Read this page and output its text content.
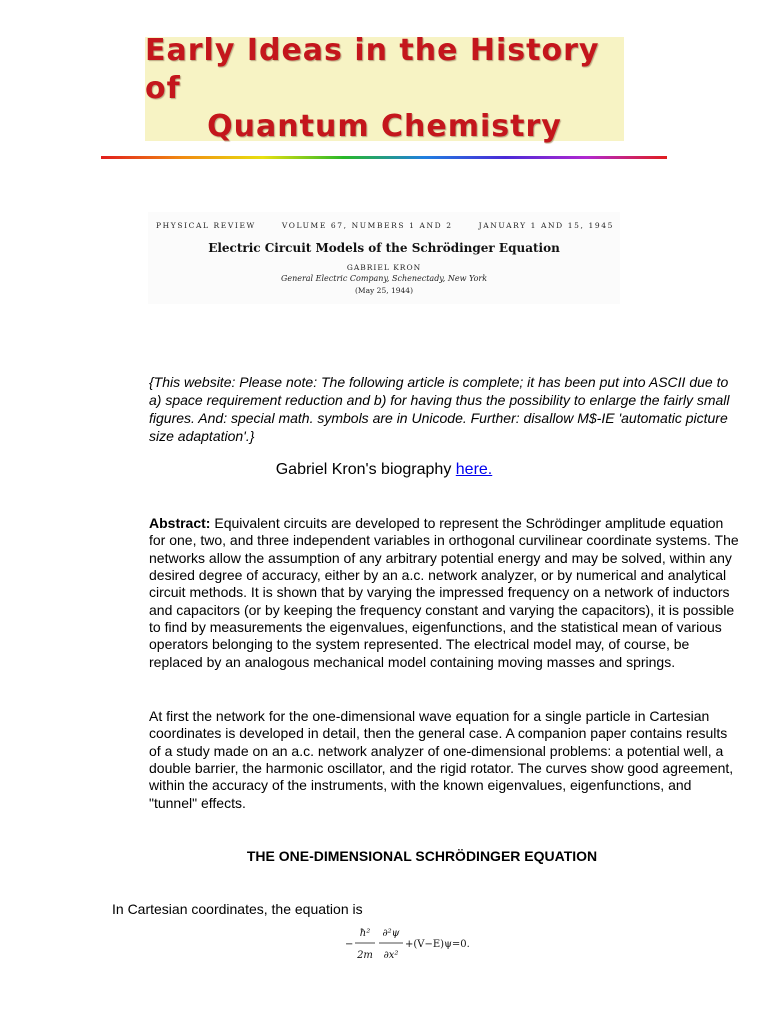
Early Ideas in the History of
Quantum Chemistry
PHYSICAL REVIEW	VOLUME 67, NUMBERS 1 AND 2	JANUARY 1 AND 15, 1945
Electric Circuit Models of the Schrödinger Equation
GABRIEL KRON
General Electric Company, Schenectady, New York
(May 25, 1944)

{This website: Please note: The following article is complete; it has been put into ASCII due to a) space requirement reduction and b) for having thus the possibility to enlarge the fairly small figures. And: special math. symbols are in Unicode. Further: disallow M$-IE 'automatic picture size adaptation'.}

Gabriel Kron's biography here.

Abstract: Equivalent circuits are developed to represent the Schrödinger amplitude equation for one, two, and three independent variables in orthogonal curvilinear coordinate systems. The networks allow the assumption of any arbitrary potential energy and may be solved, within any desired degree of accuracy, either by an a.c. network analyzer, or by numerical and analytical circuit methods. It is shown that by varying the impressed frequency on a network of inductors and capacitors (or by keeping the frequency constant and varying the capacitors), it is possible to find by measurements the eigenvalues, eigenfunctions, and the statistical mean of various operators belonging to the system represented. The electrical model may, of course, be replaced by an analogous mechanical model containing moving masses and springs.

At first the network for the one-dimensional wave equation for a single particle in Cartesian coordinates is developed in detail, then the general case. A companion paper contains results of a study made on an a.c. network analyzer of one-dimensional problems: a potential well, a double barrier, the harmonic oscillator, and the rigid rotator. The curves show good agreement, within the accuracy of the instruments, with the known eigenvalues, eigenfunctions, and "tunnel" effects.

THE ONE-DIMENSIONAL SCHRÖDINGER EQUATION
In Cartesian coordinates, the equation is
−
ħ²
2m
∂²ψ
∂x²
+(V−E)ψ=0.
